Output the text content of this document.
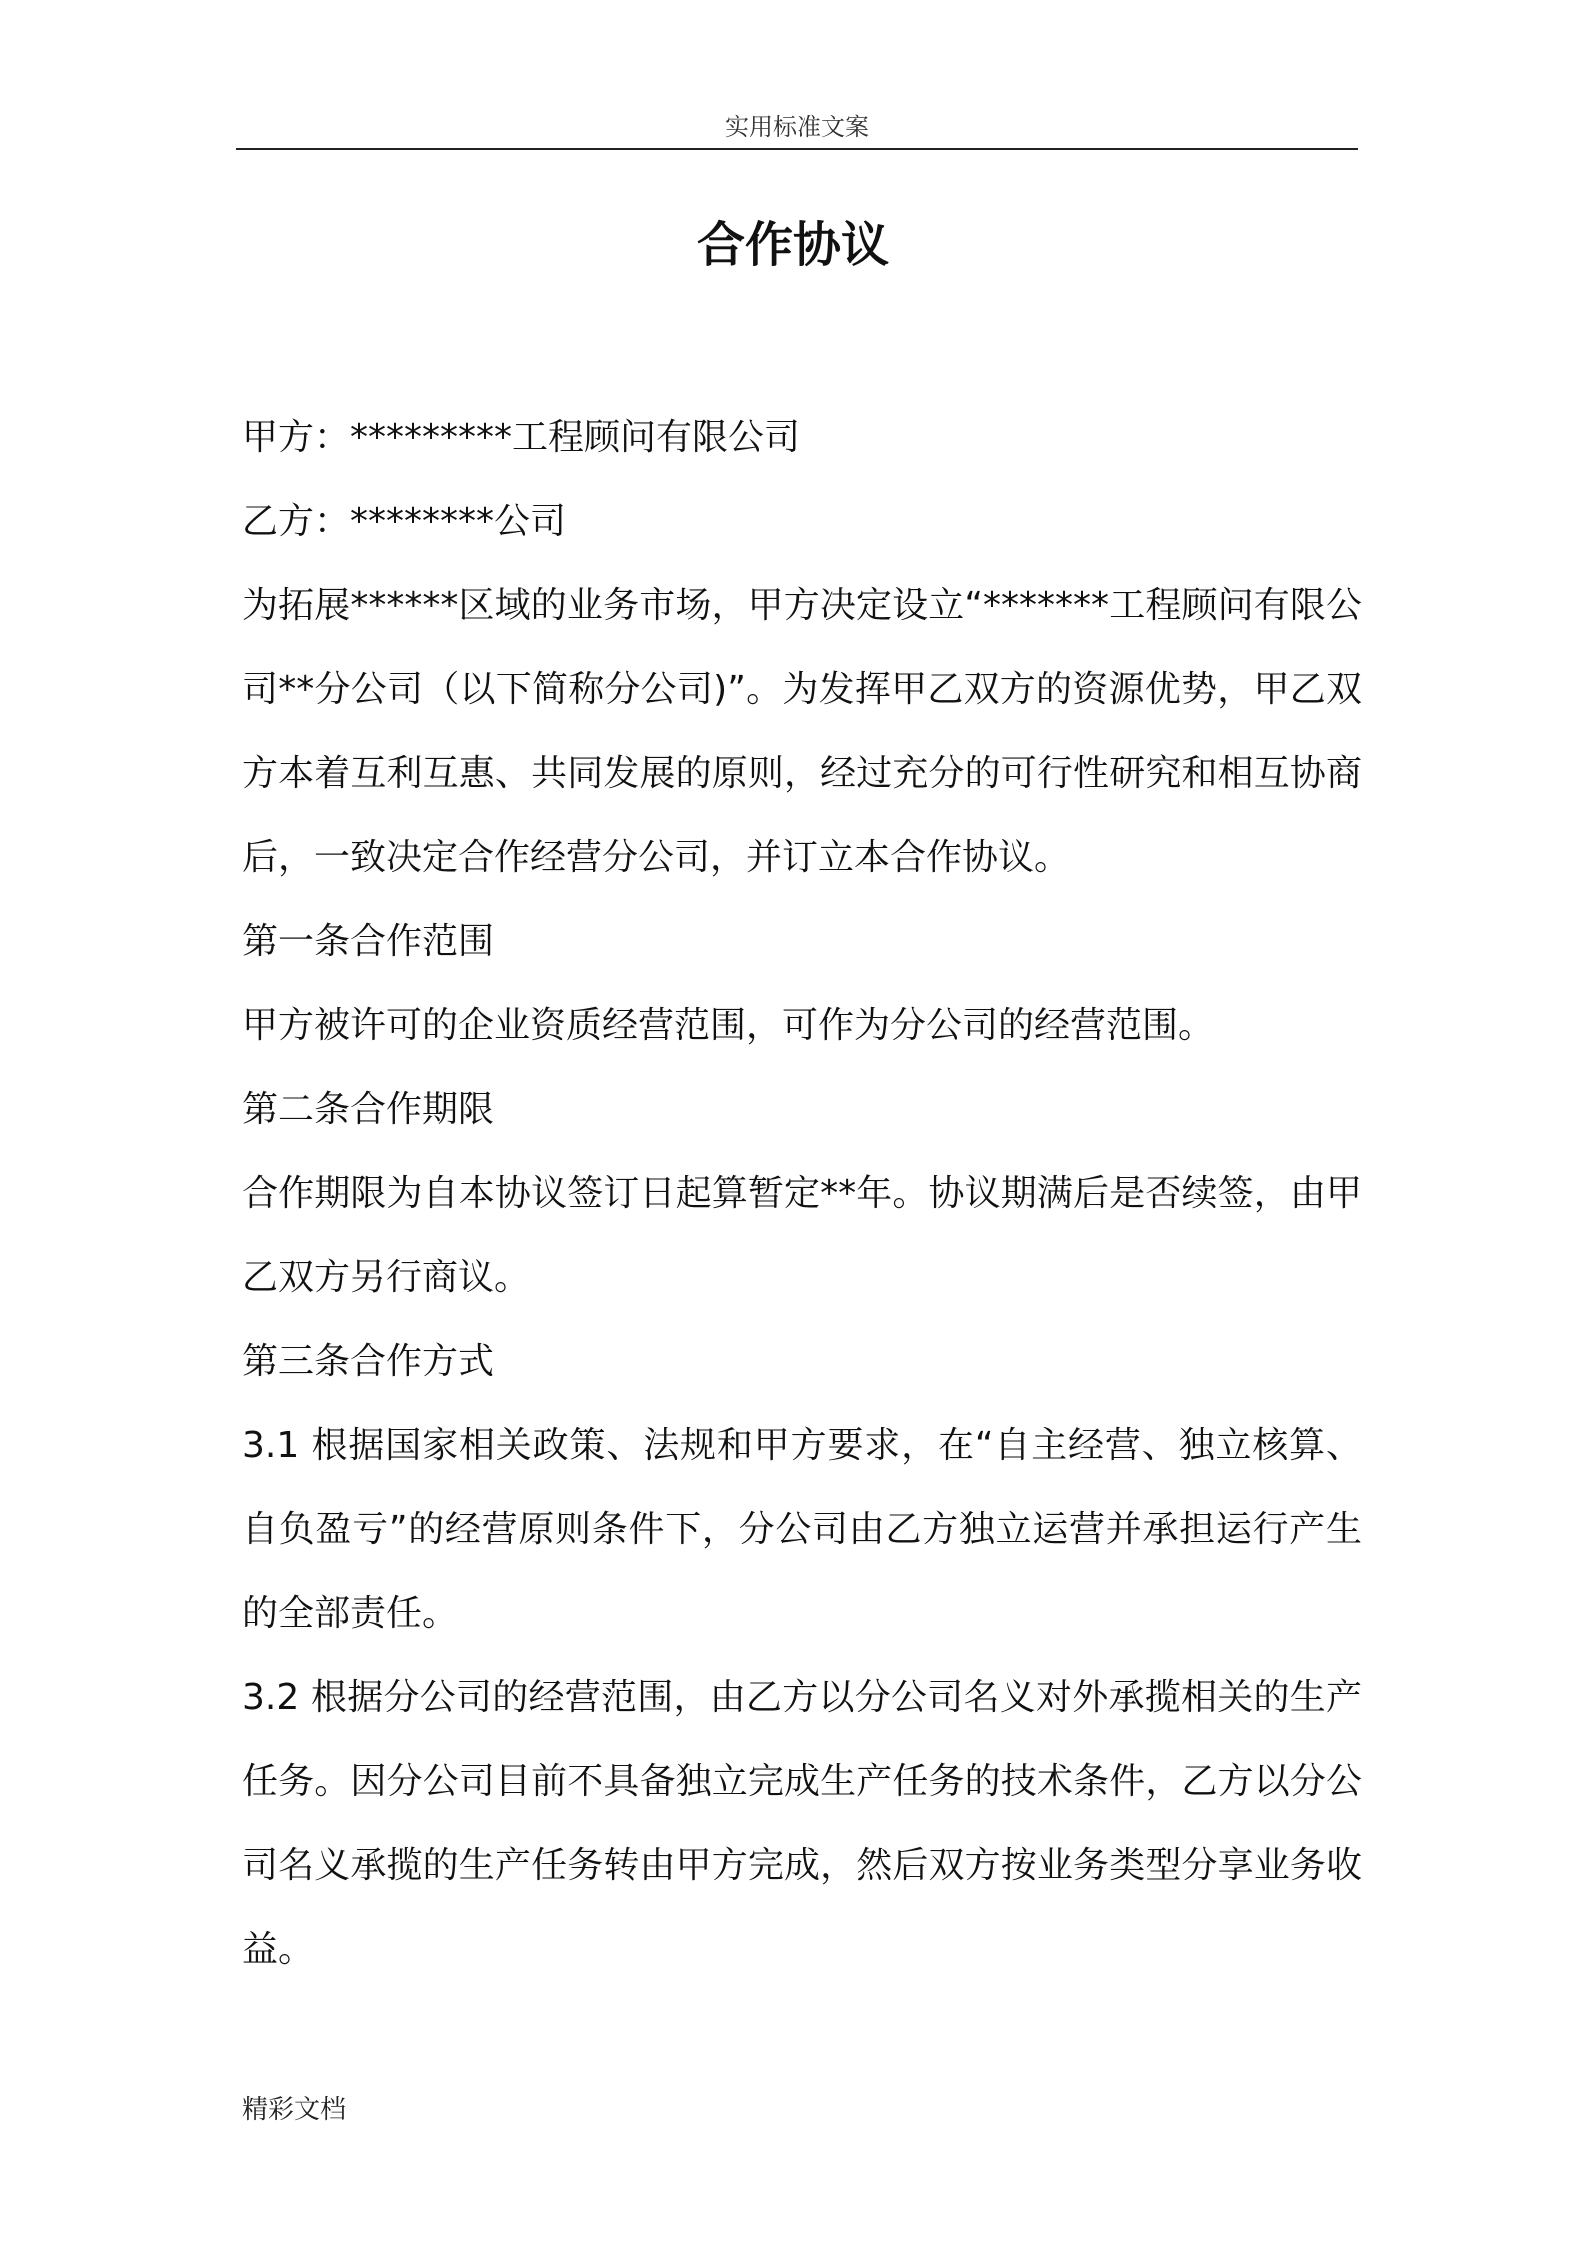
实用标准文案
合作协议

甲方：*********工程顾问有限公司

乙方：********公司

为拓展******区域的业务市场，甲方决定设立“*******工程顾问有限公司**分公司（以下简称分公司)”。为发挥甲乙双方的资源优势，甲乙双方本着互利互惠、共同发展的原则，经过充分的可行性研究和相互协商后，一致决定合作经营分公司，并订立本合作协议。

第一条合作范围

甲方被许可的企业资质经营范围，可作为分公司的经营范围。

第二条合作期限

合作期限为自本协议签订日起算暂定**年。协议期满后是否续签，由甲乙双方另行商议。

第三条合作方式

3.1 根据国家相关政策、法规和甲方要求，在“自主经营、独立核算、自负盈亏”的经营原则条件下，分公司由乙方独立运营并承担运行产生的全部责任。

3.2 根据分公司的经营范围，由乙方以分公司名义对外承揽相关的生产任务。因分公司目前不具备独立完成生产任务的技术条件，乙方以分公司名义承揽的生产任务转由甲方完成，然后双方按业务类型分享业务收益。

精彩文档
